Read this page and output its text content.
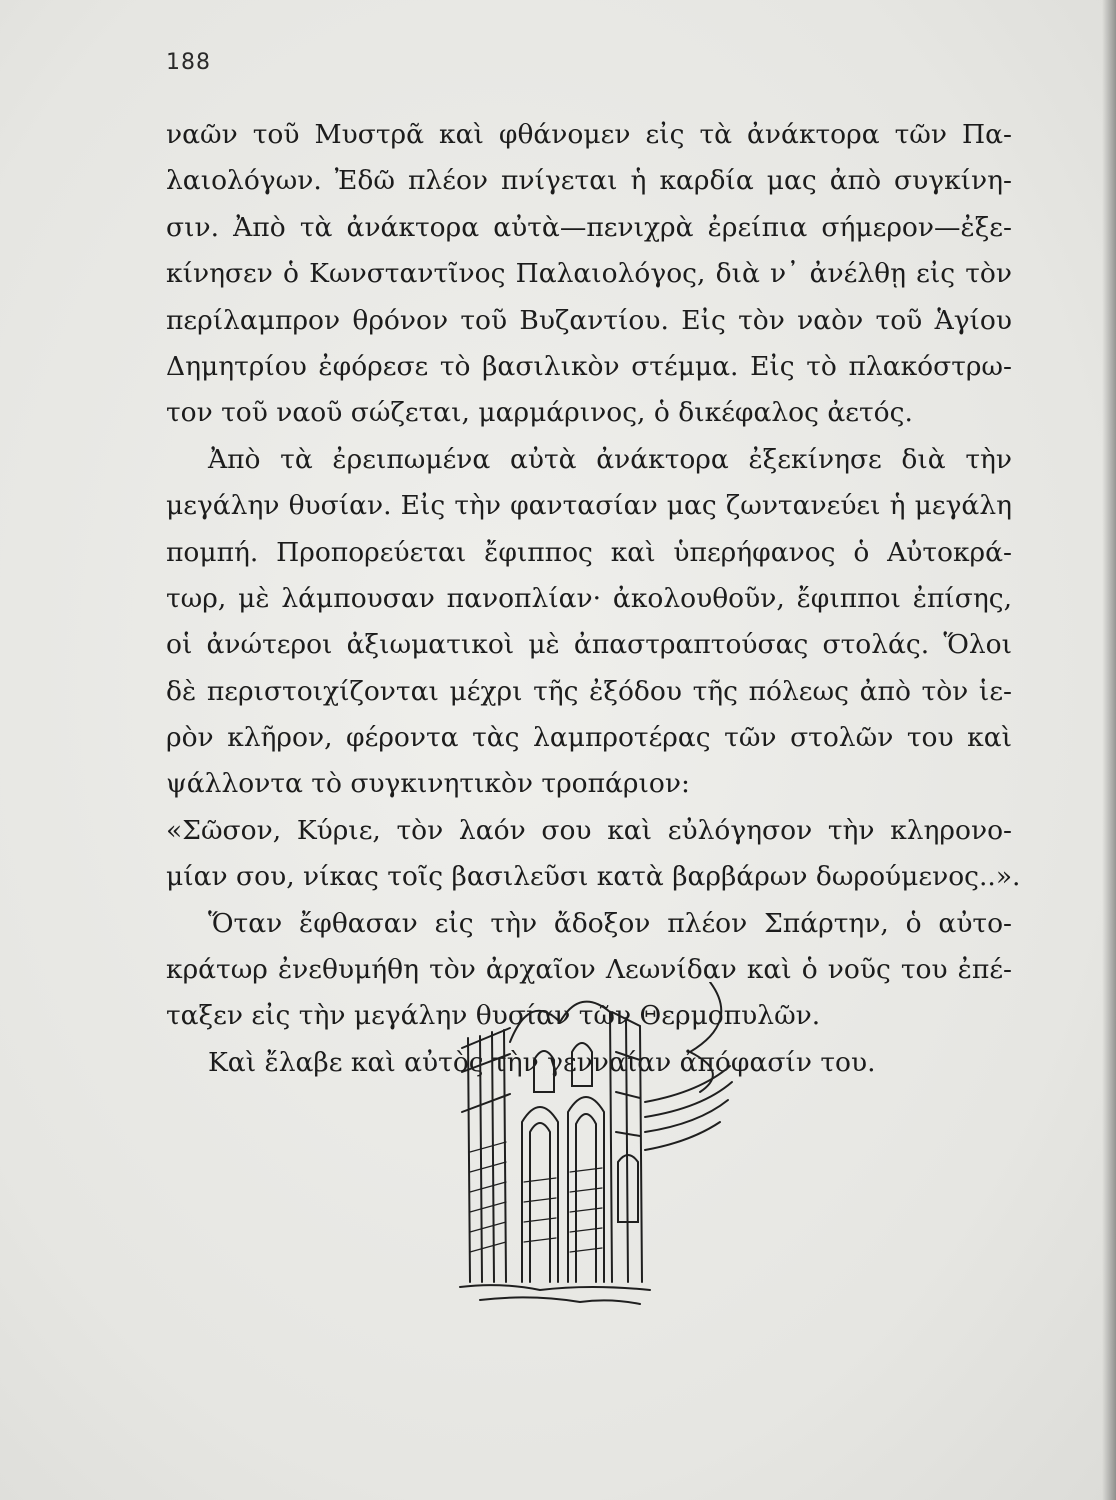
188
ναῶν τοῦ Μυστρᾶ καὶ φθάνομεν εἰς τὰ ἀνάκτορα τῶν Πα-
λαιολόγων. Ἐδῶ πλέον πνίγεται ἡ καρδία μας ἀπὸ συγκίνη-
σιν. Ἀπὸ τὰ ἀνάκτορα αὐτὰ—πενιχρὰ ἐρείπια σήμερον—ἐξε-
κίνησεν ὁ Κωνσταντῖνος Παλαιολόγος, διὰ ν᾽ ἀνέλθῃ εἰς τὸν
περίλαμπρον θρόνον τοῦ Βυζαντίου. Εἰς τὸν ναὸν τοῦ Ἁγίου
Δημητρίου ἐφόρεσε τὸ βασιλικὸν στέμμα. Εἰς τὸ πλακόστρω-
τον τοῦ ναοῦ σώζεται, μαρμάρινος, ὁ δικέφαλος ἀετός.
Ἀπὸ τὰ ἐρειπωμένα αὐτὰ ἀνάκτορα ἐξεκίνησε διὰ τὴν
μεγάλην θυσίαν. Εἰς τὴν φαντασίαν μας ζωντανεύει ἡ μεγάλη
πομπή. Προπορεύεται ἔφιππος καὶ ὑπερήφανος ὁ Αὐτοκρά-
τωρ, μὲ λάμπουσαν πανοπλίαν· ἀκολουθοῦν, ἔφιπποι ἐπίσης,
οἱ ἀνώτεροι ἀξιωματικοὶ μὲ ἀπαστραπτούσας στολάς. Ὅλοι
δὲ περιστοιχίζονται μέχρι τῆς ἐξόδου τῆς πόλεως ἀπὸ τὸν ἱε-
ρὸν κλῆρον, φέροντα τὰς λαμπροτέρας τῶν στολῶν του καὶ
ψάλλοντα τὸ συγκινητικὸν τροπάριον:
«Σῶσον, Κύριε, τὸν λαόν σου καὶ εὐλόγησον τὴν κληρονο-
μίαν σου, νίκας τοῖς βασιλεῦσι κατὰ βαρβάρων δωρούμενος..».
Ὅταν ἔφθασαν εἰς τὴν ἄδοξον πλέον Σπάρτην, ὁ αὐτο-
κράτωρ ἐνεθυμήθη τὸν ἀρχαῖον Λεωνίδαν καὶ ὁ νοῦς του ἐπέ-
ταξεν εἰς τὴν μεγάλην θυσίαν τῶν Θερμοπυλῶν.
Καὶ ἔλαβε καὶ αὐτὸς τὴν γενναίαν ἀπόφασίν του.
